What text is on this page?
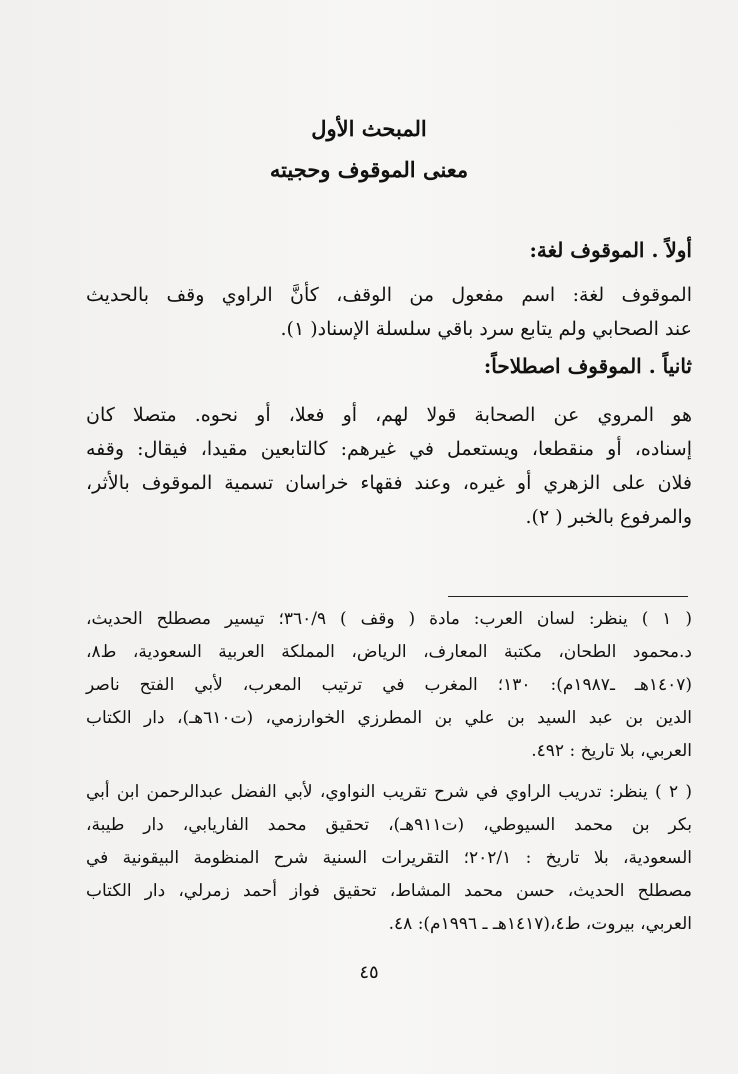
المبحث الأول
معنى الموقوف وحجيته
أولاً . الموقوف لغة:

الموقوف لغة: اسم مفعول من الوقف، كأنَّ الراوي وقف بالحديث

عند الصحابي ولم يتابع سرد باقي سلسلة الإسناد( ١).

ثانياً . الموقوف اصطلاحاً:

هو المروي عن الصحابة قولا لهم، أو فعلا، أو نحوه. متصلا كان

إسناده، أو منقطعا، ويستعمل في غيرهم: كالتابعين مقيدا، فيقال: وقفه

فلان على الزهري أو غيره، وعند فقهاء خراسان تسمية الموقوف بالأثر،

والمرفوع بالخبر ( ٢).

( ١ ) ينظر: لسان العرب: مادة ( وقف ) ٣٦٠/٩؛ تيسير مصطلح الحديث،

د.محمود الطحان، مكتبة المعارف، الرياض، المملكة العربية السعودية، ط٨،

(١٤٠٧هـ ـ١٩٨٧م): ١٣٠؛ المغرب في ترتيب المعرب، لأبي الفتح ناصر

الدين بن عبد السيد بن علي بن المطرزي الخوارزمي، (ت٦١٠هـ)، دار الكتاب

العربي، بلا تاريخ : ٤٩٢.

( ٢ ) ينظر: تدريب الراوي في شرح تقريب النواوي، لأبي الفضل عبدالرحمن ابن أبي

بكر بن محمد السيوطي، (ت٩١١هـ)، تحقيق محمد الفاريابي، دار طيبة،

السعودية، بلا تاريخ : ٢٠٢/١؛ التقريرات السنية شرح المنظومة البيقونية في

مصطلح الحديث، حسن محمد المشاط، تحقيق فواز أحمد زمرلي، دار الكتاب

العربي، بيروت، ط٤،(١٤١٧هـ ـ ١٩٩٦م): ٤٨.

٤٥
